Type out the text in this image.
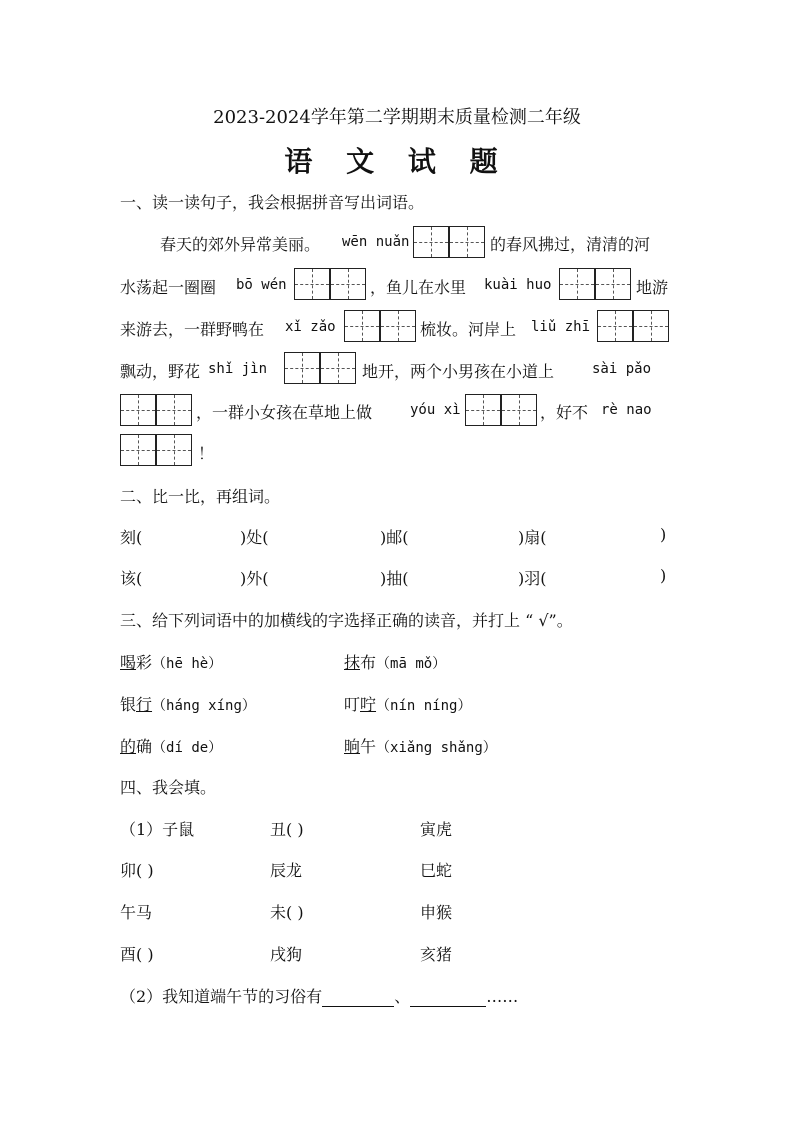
2023-2024学年第二学期期末质量检测二年级
语 文 试 题
一、读一读句子，我会根据拼音写出词语。
春天的郊外异常美丽。 wēn nuǎn	的春风拂过，清清的河
水荡起一圈圈 bō wén	，鱼儿在水里 kuài huo	地游
来游去，一群野鸭在 xǐ zǎo	梳妆。河岸上 liǔ zhī
飘动，野花 shǐ jìn	地开，两个小男孩在小道上	sài pǎo
，一群小女孩在草地上做	yóu xì	，好不 rè nao
！
二、比一比，再组词。
刻(	)处(	)邮(	)扇(	)
该(	)外(	)抽(	)羽(	)
三、给下列词语中的加横线的字选择正确的读音，并打上 “ √”。
喝彩（hē hè）	抹布（mā mǒ）
银行（háng xíng）	叮咛（nín níng）
的确（dí de）	晌午（xiǎng shǎng）
四、我会填。
（1）子鼠	丑( )	寅虎
卯( )	辰龙	巳蛇
午马	未( )	申猴
酉( )	戌狗	亥猪
（2）我知道端午节的习俗有	、	……
